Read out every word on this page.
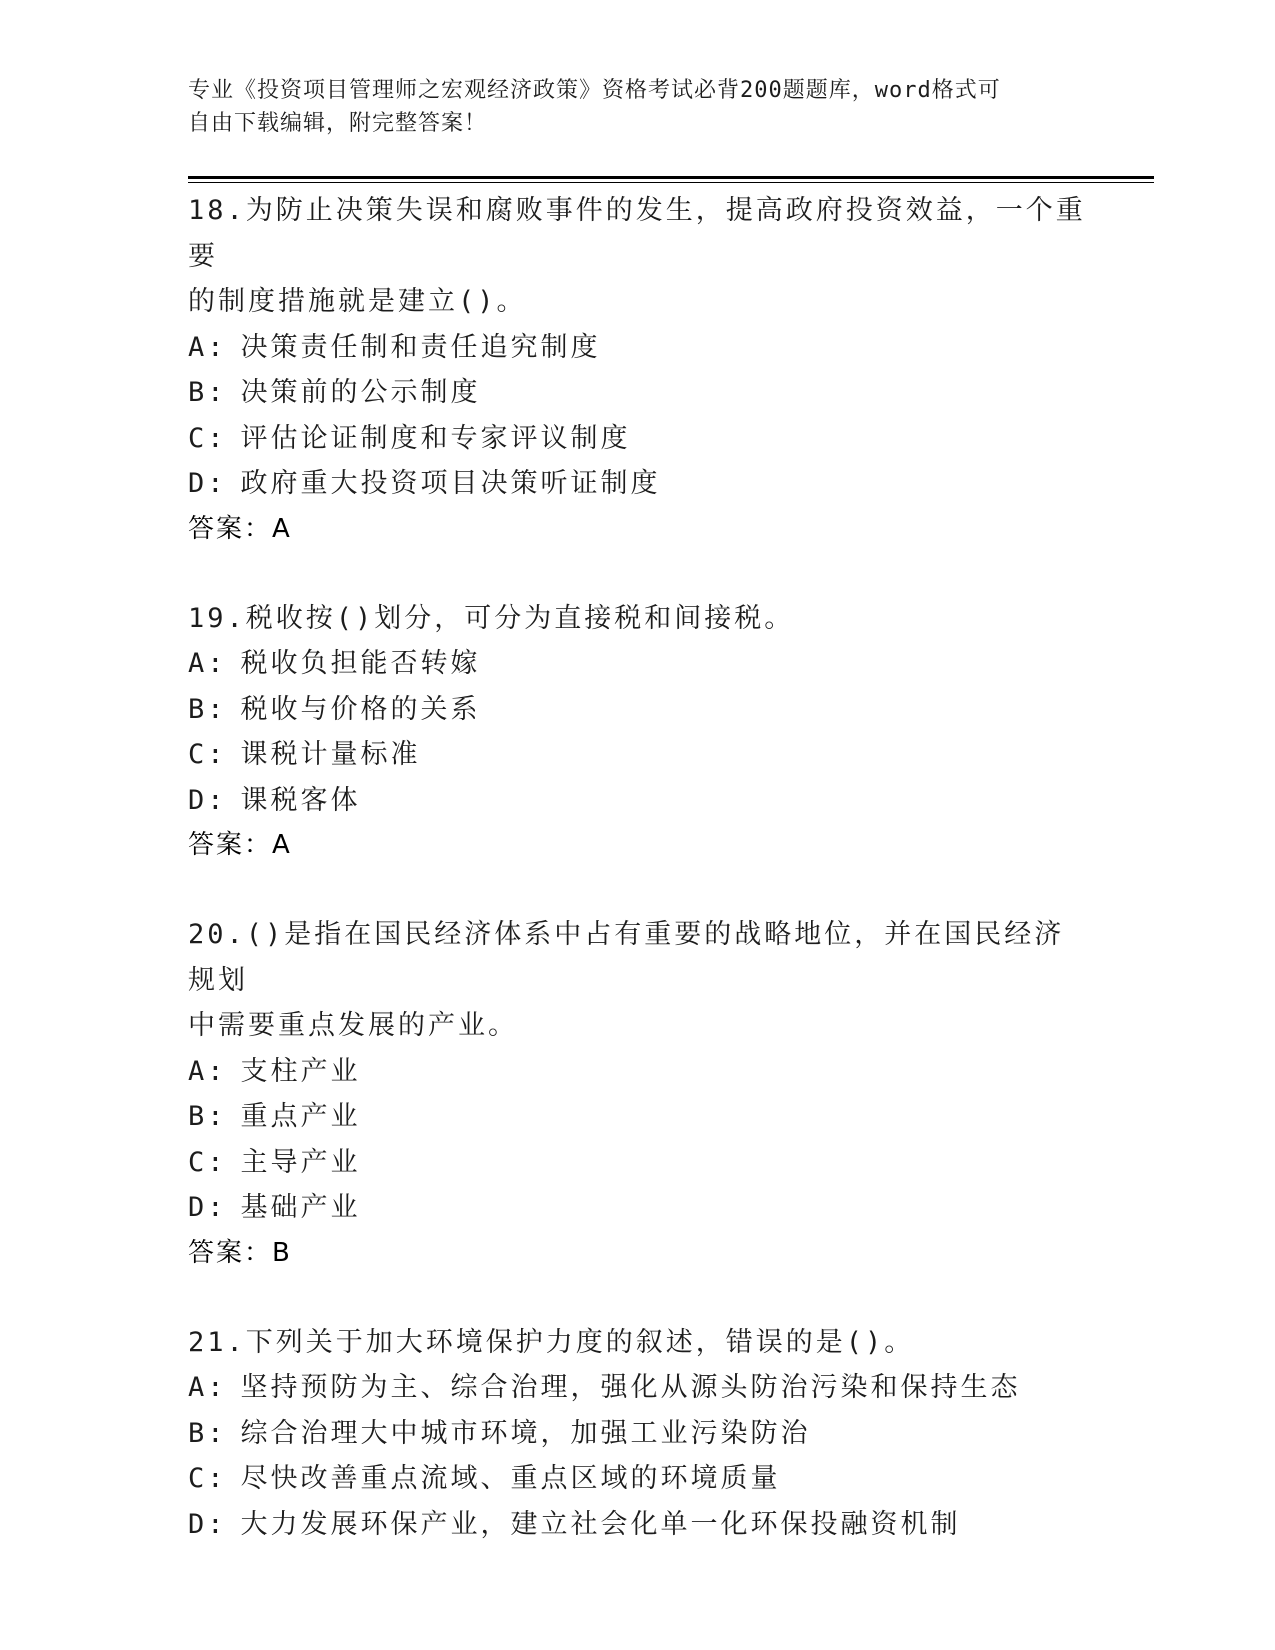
专业《投资项目管理师之宏观经济政策》资格考试必背200题题库，word格式可
自由下载编辑，附完整答案！

18.为防止决策失误和腐败事件的发生，提高政府投资效益，一个重要

的制度措施就是建立()。

A: 决策责任制和责任追究制度

B: 决策前的公示制度

C: 评估论证制度和专家评议制度

D: 政府重大投资项目决策听证制度

答案：A

19.税收按()划分，可分为直接税和间接税。

A: 税收负担能否转嫁

B: 税收与价格的关系

C: 课税计量标准

D: 课税客体

答案：A

20.()是指在国民经济体系中占有重要的战略地位，并在国民经济规划

中需要重点发展的产业。

A: 支柱产业

B: 重点产业

C: 主导产业

D: 基础产业

答案：B

21.下列关于加大环境保护力度的叙述，错误的是()。

A: 坚持预防为主、综合治理，强化从源头防治污染和保持生态

B: 综合治理大中城市环境，加强工业污染防治

C: 尽快改善重点流域、重点区域的环境质量

D: 大力发展环保产业，建立社会化单一化环保投融资机制
